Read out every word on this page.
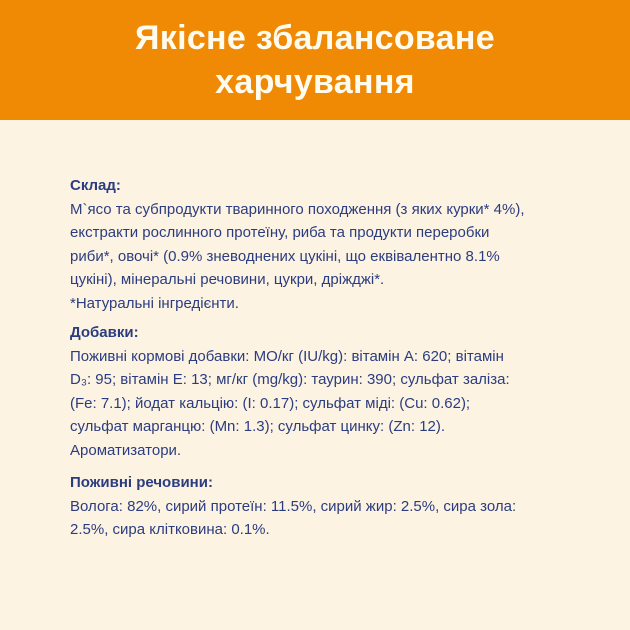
Якісне збалансоване
харчування
Склад:
М`ясо та субпродукти тваринного походження (з яких курки* 4%),
екстракти рослинного протеїну, риба та продукти переробки
риби*, овочі* (0.9% зневоднених цукіні, що еквівалентно 8.1%
цукіні), мінеральні речовини, цукри, дріжджі*.
*Натуральні інгредієнти.
Добавки:
Поживні кормові добавки: МО/кг (IU/kg): вітамін А: 620; вітамін
D₃: 95; вітамін Е: 13; мг/кг (mg/kg): таурин: 390; сульфат заліза:
(Fe: 7.1); йодат кальцію: (I: 0.17); сульфат міді: (Cu: 0.62);
сульфат марганцю: (Mn: 1.3); сульфат цинку: (Zn: 12).
Ароматизатори.
Поживні речовини:
Волога: 82%, сирий протеїн: 11.5%, сирий жир: 2.5%, сира зола:
2.5%, сира клітковина: 0.1%.
